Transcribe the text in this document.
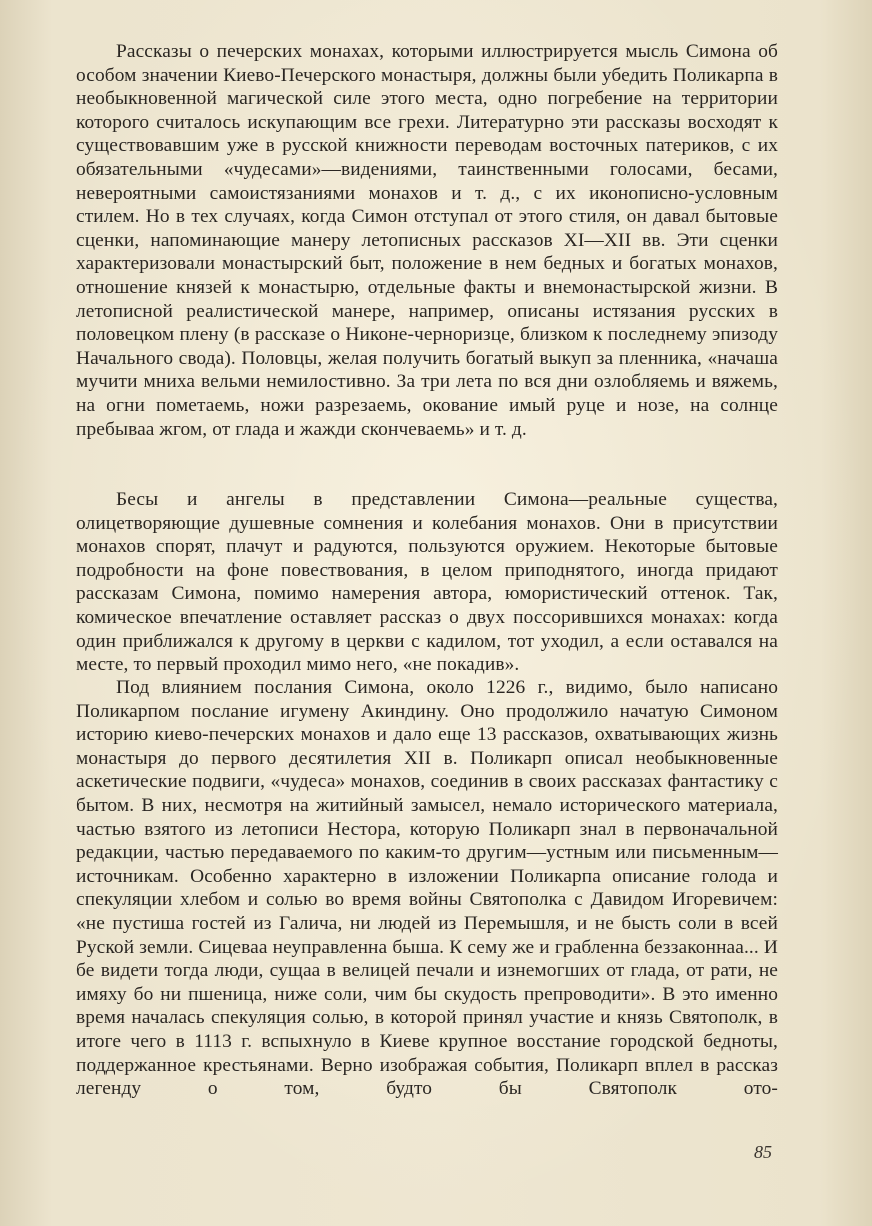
Рассказы о печерских монахах, которыми иллюстрируется мысль Симона об особом значении Киево-Печерского монастыря, должны были убедить Поликарпа в необыкновенной магической силе этого места, одно погребение на территории которого считалось искупающим все грехи. Литературно эти рассказы восходят к существовавшим уже в русской книжности переводам восточных патериков, с их обязательными «чудесами»—видениями, таинственными голосами, бесами, невероятными самоистязаниями монахов и т. д., с их иконописно-условным стилем. Но в тех случаях, когда Симон отступал от этого стиля, он давал бытовые сценки, напоминающие манеру летописных рассказов XI—XII вв. Эти сценки характеризовали монастырский быт, положение в нем бедных и богатых монахов, отношение князей к монастырю, отдельные факты и внемонастырской жизни. В летописной реалистической манере, например, описаны истязания русских в половецком плену (в рассказе о Никоне-черноризце, близком к последнему эпизоду Начального свода). Половцы, желая получить богатый выкуп за пленника, «начаша мучити мниха вельми немилостивно. За три лета по вся дни озлобляемь и вяжемь, на огни пометаемь, ножи разрезаемь, окование имый руце и нозе, на солнце пребываа жгом, от глада и жажди скончеваемь» и т. д.

Бесы и ангелы в представлении Симона—реальные существа, олицетворяющие душевные сомнения и колебания монахов. Они в присутствии монахов спорят, плачут и радуются, пользуются оружием. Некоторые бытовые подробности на фоне повествования, в целом приподнятого, иногда придают рассказам Симона, помимо намерения автора, юмористический оттенок. Так, комическое впечатление оставляет рассказ о двух поссорившихся монахах: когда один приближался к другому в церкви с кадилом, тот уходил, а если оставался на месте, то первый проходил мимо него, «не покадив».

Под влиянием послания Симона, около 1226 г., видимо, было написано Поликарпом послание игумену Акиндину. Оно продолжило начатую Симоном историю киево-печерских монахов и дало еще 13 рассказов, охватывающих жизнь монастыря до первого десятилетия XII в. Поликарп описал необыкновенные аскетические подвиги, «чудеса» монахов, соединив в своих рассказах фантастику с бытом. В них, несмотря на житийный замысел, немало исторического материала, частью взятого из летописи Нестора, которую Поликарп знал в первоначальной редакции, частью передаваемого по каким-то другим—устным или письменным—источникам. Особенно характерно в изложении Поликарпа описание голода и спекуляции хлебом и солью во время войны Святополка с Давидом Игоревичем: «не пустиша гостей из Галича, ни людей из Перемышля, и не бысть соли в всей Руской земли. Сицеваа неуправленна быша. К сему же и грабленна беззаконнаа... И бе видети тогда люди, сущаа в велицей печали и изнемогших от глада, от рати, не имяху бо ни пшеница, ниже соли, чим бы скудость препроводити». В это именно время началась спекуляция солью, в которой принял участие и князь Святополк, в итоге чего в 1113 г. вспыхнуло в Киеве крупное восстание городской бедноты, поддержанное крестьянами. Верно изображая события, Поликарп вплел в рассказ легенду о том, будто бы Святополк ото-

85
